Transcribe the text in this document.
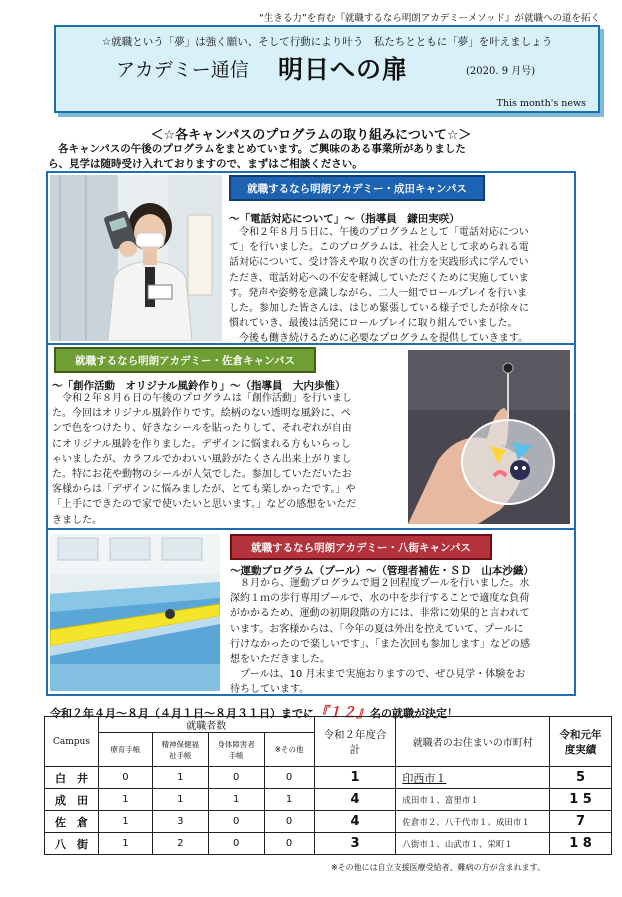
“生きる力”を育む『就職するなら明朗アカデミーメソッド』が就職への道を拓く
☆就職という「夢」は強く願い、そして行動により叶う　私たちとともに「夢」を叶えましょう
アカデミー通信 明日への扉	(2020. 9 月号)
This month's news
＜☆各キャンパスのプログラムの取り組みについて☆＞
各キャンパスの午後のプログラムをまとめています。ご興味のある事業所がありました
ら、見学は随時受け入れておりますので、まずはご相談ください。
就職するなら明朗アカデミー・成田キャンパス
～「電話対応について」～（指導員　鎌田実咲）
　令和２年８月５日に、午後のプログラムとして「電話対応につい
て」を行いました。このプログラムは、社会人として求められる電
話対応について、受け答えや取り次ぎの仕方を実践形式に学んでい
ただき、電話対応への不安を軽減していただくために実施していま
す。発声や姿勢を意識しながら、二人一組でロールプレイを行いま
した。参加した皆さんは、はじめ緊張している様子でしたが徐々に
慣れていき、最後は活発にロールプレイに取り組んでいました。
　今後も働き続けるために必要なプログラムを提供していきます。
就職するなら明朗アカデミー・佐倉キャンパス
～「創作活動　オリジナル風鈴作り」～（指導員　大内歩惟）
　令和２年８月６日の午後のプログラムは「創作活動」を行いまし
た。今回はオリジナル風鈴作りです。絵柄のない透明な風鈴に、ペ
ンで色をつけたり、好きなシールを貼ったりして、それぞれが自由
にオリジナル風鈴を作りました。デザインに悩まれる方もいらっし
ゃいましたが、カラフルでかわいい風鈴がたくさん出来上がりまし
た。特にお花や動物のシールが人気でした。参加していただいたお
客様からは「デザインに悩みましたが、とても楽しかったです。」や
「上手にできたので家で使いたいと思います。」などの感想をいただ
きました。
就職するなら明朗アカデミー・八街キャンパス
～運動プログラム（プール）～（管理者補佐・ＳＤ　山本沙織）
　８月から、運動プログラムで週２回程度プールを行いました。水
深約１ｍの歩行専用プールで、水の中を歩行することで適度な負荷
がかかるため、運動の初期段階の方には、非常に効果的と言われて
います。お客様からは、「今年の夏は外出を控えていて、プールに
行けなかったので楽しいです」、「また次回も参加します」などの感
想をいただきました。
　プールは、10 月末まで実施おりますので、ぜひ見学・体験をお
待ちしています。
令和２年４月～８月（４月１日～８月３１日）までに『１２』名の就職が決定！
Campus	就職者数				令和２年度合計	就職者のお住まいの市町村	令和元年度実績
	療育手帳	精神保健福祉手帳	身体障害者手帳	※その他			
白　井	0	1	0	0	1	印西市１	5
成　田	1	1	1	1	4	成田市１、富里市１	1 5
佐　倉	1	3	0	0	4	佐倉市２、八千代市１、成田市１	7
八　街	1	2	0	0	3	八街市１、山武市１、栄町１	1 8
※その他には自立支援医療受給者、難病の方が含まれます。
